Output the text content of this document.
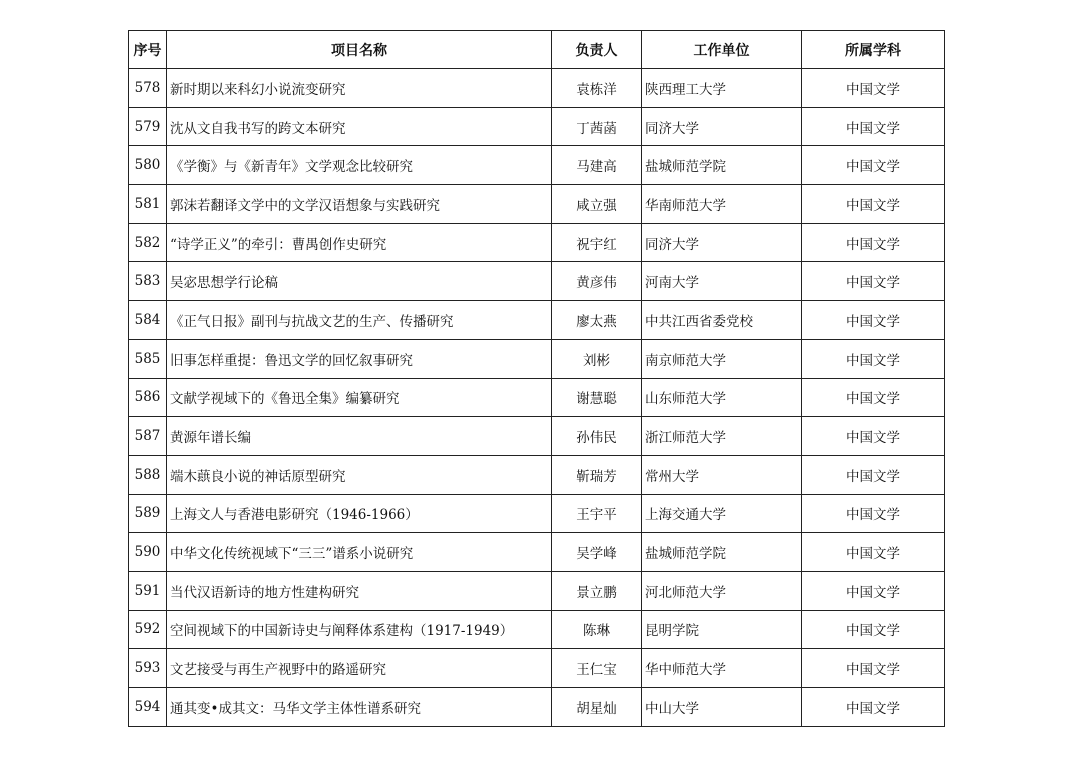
序号	项目名称	负责人	工作单位	所属学科
578	新时期以来科幻小说流变研究	袁栋洋	陕西理工大学	中国文学
579	沈从文自我书写的跨文本研究	丁茜菡	同济大学	中国文学
580	《学衡》与《新青年》文学观念比较研究	马建高	盐城师范学院	中国文学
581	郭沫若翻译文学中的文学汉语想象与实践研究	咸立强	华南师范大学	中国文学
582	“诗学正义”的牵引：曹禺创作史研究	祝宇红	同济大学	中国文学
583	吴宓思想学行论稿	黄彦伟	河南大学	中国文学
584	《正气日报》副刊与抗战文艺的生产、传播研究	廖太燕	中共江西省委党校	中国文学
585	旧事怎样重提：鲁迅文学的回忆叙事研究	刘彬	南京师范大学	中国文学
586	文献学视域下的《鲁迅全集》编纂研究	谢慧聪	山东师范大学	中国文学
587	黄源年谱长编	孙伟民	浙江师范大学	中国文学
588	端木蕻良小说的神话原型研究	靳瑞芳	常州大学	中国文学
589	上海文人与香港电影研究（1946-1966）	王宇平	上海交通大学	中国文学
590	中华文化传统视域下“三三”谱系小说研究	吴学峰	盐城师范学院	中国文学
591	当代汉语新诗的地方性建构研究	景立鹏	河北师范大学	中国文学
592	空间视域下的中国新诗史与阐释体系建构（1917-1949）	陈琳	昆明学院	中国文学
593	文艺接受与再生产视野中的路遥研究	王仁宝	华中师范大学	中国文学
594	通其变•成其文：马华文学主体性谱系研究	胡星灿	中山大学	中国文学
